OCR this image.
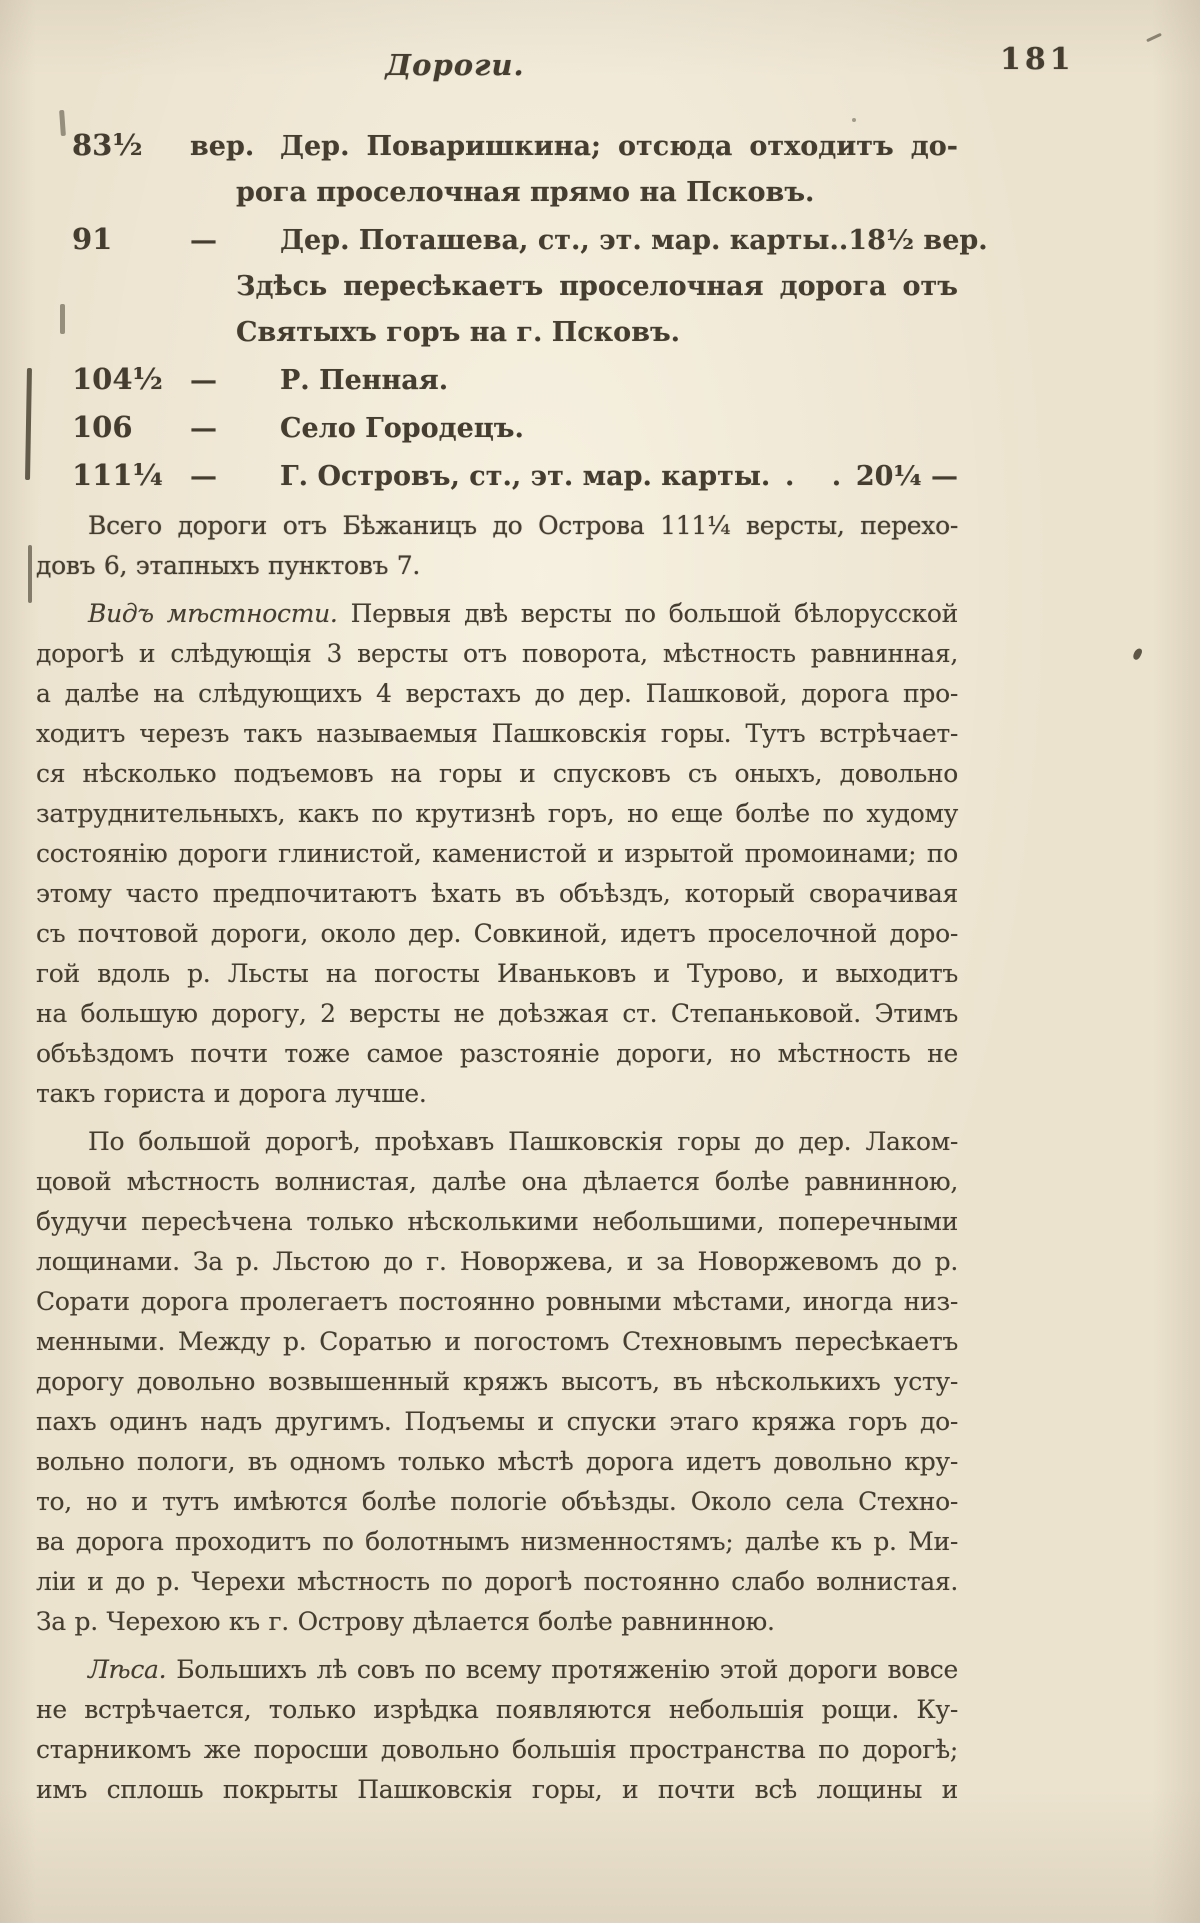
Дороги.	181
83¹⁄₂	вер. Дер. Поваришкина; отсюда отходитъ до-
рога проселочная прямо на Псковъ.
91	—	Дер. Поташева, ст., эт. мар. карты. . 18¹⁄₂ вер.
Здѣсь пересѣкаетъ проселочная дорога отъ
Святыхъ горъ на г. Псковъ.
104¹⁄₂	—	Р. Пенная.
106	—	Село Городецъ.
111¹⁄₄	—	Г. Островъ, ст., эт. мар. карты. . . 20¹⁄₄ —
Всего дороги отъ Бѣжаницъ до Острова 111¹⁄₄ версты, перехо-
довъ 6, этапныхъ пунктовъ 7.
Видъ мѣстности. Первыя двѣ версты по большой бѣлорусской
дорогѣ и слѣдующія 3 версты отъ поворота, мѣстность равнинная,
а далѣе на слѣдующихъ 4 верстахъ до дер. Пашковой, дорога про-
ходитъ черезъ такъ называемыя Пашковскія горы. Тутъ встрѣчает-
ся нѣсколько подъемовъ на горы и спусковъ съ оныхъ, довольно
затруднительныхъ, какъ по крутизнѣ горъ, но еще болѣе по худому
состоянію дороги глинистой, каменистой и изрытой промоинами; по
этому часто предпочитаютъ ѣхать въ объѣздъ, который сворачивая
съ почтовой дороги, около дер. Совкиной, идетъ проселочной доро-
гой вдоль р. Льсты на погосты Иваньковъ и Турово, и выходитъ
на большую дорогу, 2 версты не доѣзжая ст. Степаньковой. Этимъ
объѣздомъ почти тоже самое разстояніе дороги, но мѣстность не
такъ гориста и дорога лучше.
По большой дорогѣ, проѣхавъ Пашковскія горы до дер. Лаком-
цовой мѣстность волнистая, далѣе она дѣлается болѣе равнинною,
будучи пересѣчена только нѣсколькими небольшими, поперечными
лощинами. За р. Льстою до г. Новоржева, и за Новоржевомъ до р.
Сорати дорога пролегаетъ постоянно ровными мѣстами, иногда низ-
менными. Между р. Соратью и погостомъ Стехновымъ пересѣкаетъ
дорогу довольно возвышенный кряжъ высотъ, въ нѣсколькихъ усту-
пахъ одинъ надъ другимъ. Подъемы и спуски этаго кряжа горъ до-
вольно пологи, въ одномъ только мѣстѣ дорога идетъ довольно кру-
то, но и тутъ имѣются болѣе пологіе объѣзды. Около села Стехно-
ва дорога проходитъ по болотнымъ низменностямъ; далѣе къ р. Ми-
ліи и до р. Черехи мѣстность по дорогѣ постоянно слабо волнистая.
За р. Черехою къ г. Острову дѣлается болѣе равнинною.
Лѣса. Большихъ лѣ совъ по всему протяженію этой дороги вовсе
не встрѣчается, только изрѣдка появляются небольшія рощи. Ку-
старникомъ же поросши довольно большія пространства по дорогѣ;
имъ сплошь покрыты Пашковскія горы, и почти всѣ лощины и
